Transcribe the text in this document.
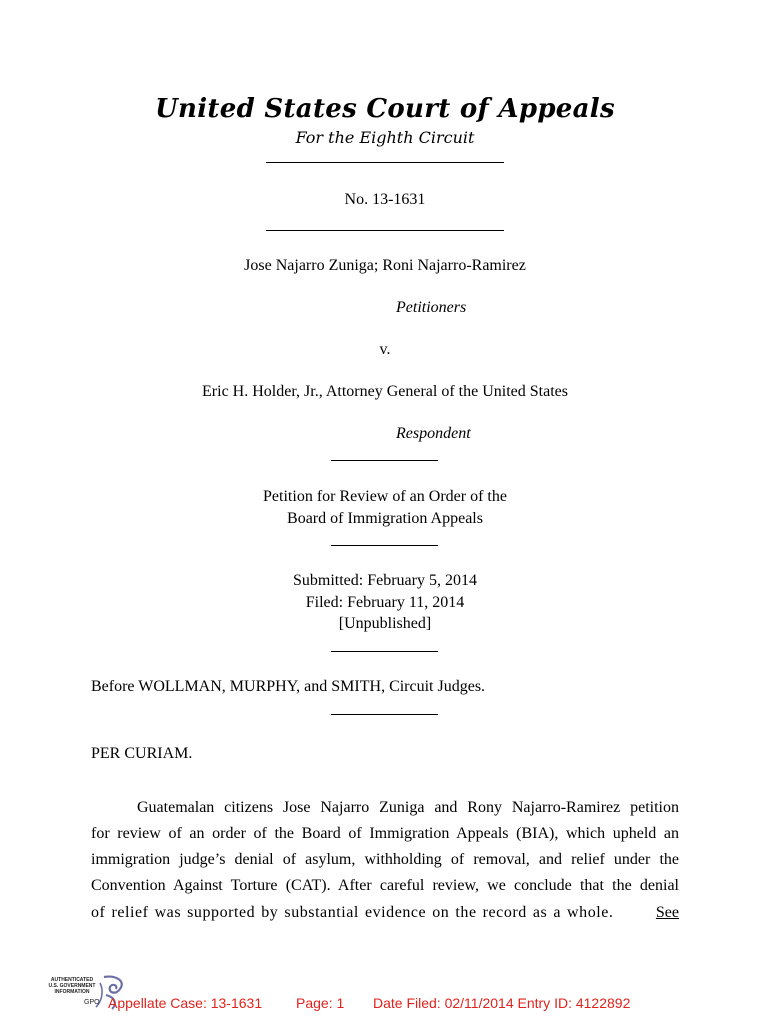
United States Court of Appeals
For the Eighth Circuit
No. 13-1631
Jose Najarro Zuniga; Roni Najarro-Ramirez
Petitioners
v.
Eric H. Holder, Jr., Attorney General of the United States
Respondent
Petition for Review of an Order of the
Board of Immigration Appeals
Submitted: February 5, 2014
Filed: February 11, 2014
[Unpublished]
Before WOLLMAN, MURPHY, and SMITH, Circuit Judges.
PER CURIAM.
Guatemalan citizens Jose Najarro Zuniga and Rony Najarro-Ramirez petition
for review of an order of the Board of Immigration Appeals (BIA), which upheld an
immigration judge’s denial of asylum, withholding of removal, and relief under the
Convention Against Torture (CAT). After careful review, we conclude that the denial
of relief was supported by substantial evidence on the record as a whole.	See
AUTHENTICATED
U.S. GOVERNMENT
INFORMATION
GPO Appellate Case: 13-1631 Page: 1 Date Filed: 02/11/2014 Entry ID: 4122892
